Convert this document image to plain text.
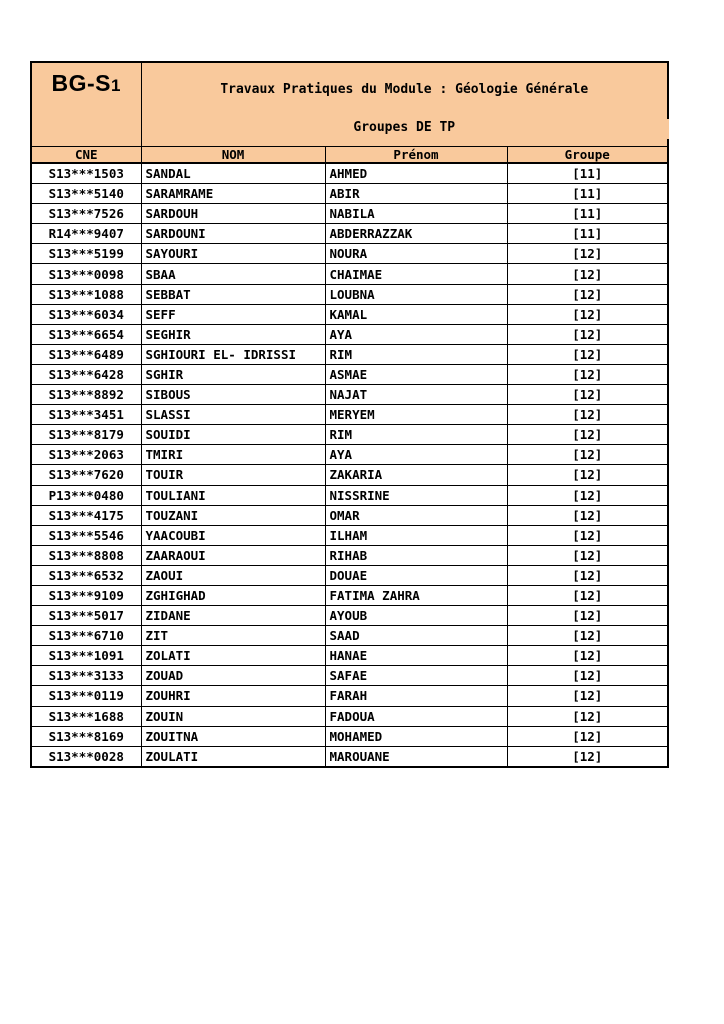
BG-S1	Travaux Pratiques du Module : Géologie Générale
Groupes DE TP		

CNE	NOM	Prénom	Groupe
S13***1503	SANDAL	AHMED	[11]
S13***5140	SARAMRAME	ABIR	[11]
S13***7526	SARDOUH	NABILA	[11]
R14***9407	SARDOUNI	ABDERRAZZAK	[11]
S13***5199	SAYOURI	NOURA	[12]
S13***0098	SBAA	CHAIMAE	[12]
S13***1088	SEBBAT	LOUBNA	[12]
S13***6034	SEFF	KAMAL	[12]
S13***6654	SEGHIR	AYA	[12]
S13***6489	SGHIOURI EL- IDRISSI	RIM	[12]
S13***6428	SGHIR	ASMAE	[12]
S13***8892	SIBOUS	NAJAT	[12]
S13***3451	SLASSI	MERYEM	[12]
S13***8179	SOUIDI	RIM	[12]
S13***2063	TMIRI	AYA	[12]
S13***7620	TOUIR	ZAKARIA	[12]
P13***0480	TOULIANI	NISSRINE	[12]
S13***4175	TOUZANI	OMAR	[12]
S13***5546	YAACOUBI	ILHAM	[12]
S13***8808	ZAARAOUI	RIHAB	[12]
S13***6532	ZAOUI	DOUAE	[12]
S13***9109	ZGHIGHAD	FATIMA ZAHRA	[12]
S13***5017	ZIDANE	AYOUB	[12]
S13***6710	ZIT	SAAD	[12]
S13***1091	ZOLATI	HANAE	[12]
S13***3133	ZOUAD	SAFAE	[12]
S13***0119	ZOUHRI	FARAH	[12]
S13***1688	ZOUIN	FADOUA	[12]
S13***8169	ZOUITNA	MOHAMED	[12]
S13***0028	ZOULATI	MAROUANE	[12]
